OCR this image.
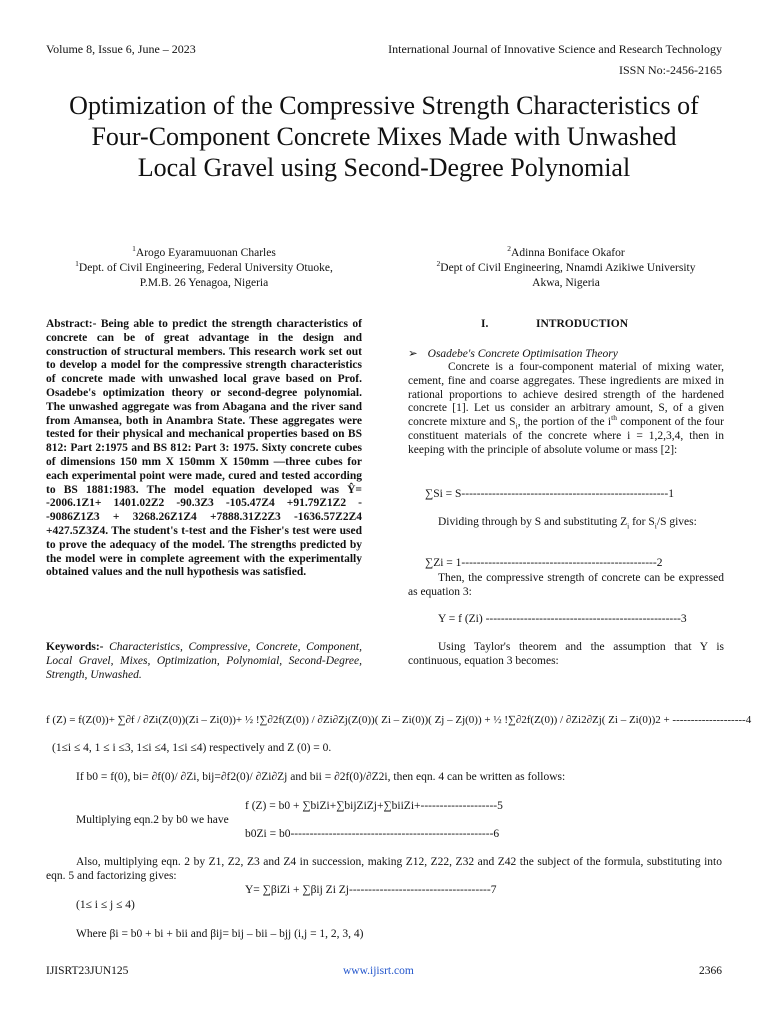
Volume 8, Issue 6, June – 2023	International Journal of Innovative Science and Research Technology
ISSN No:-2456-2165
Optimization of the Compressive Strength Characteristics of Four-Component Concrete Mixes Made with Unwashed Local Gravel using Second-Degree Polynomial
$^1$Arogo Eyaramuuonan Charles
$^1$Dept. of Civil Engineering, Federal University Otuoke,
P.M.B. 26 Yenagoa, Nigeria
$^2$Adinna Boniface Okafor
$^2$Dept of Civil Engineering, Nnamdi Azikiwe University
Akwa, Nigeria
Abstract:- Being able to predict the strength characteristics of concrete can be of great advantage in the design and construction of structural members. This research work set out to develop a model for the compressive strength characteristics of concrete made with unwashed local grave based on Prof. Osadebe's optimization theory or second-degree polynomial. The unwashed aggregate was from Abagana and the river sand from Amansea, both in Anambra State. These aggregates were tested for their physical and mechanical properties based on BS 812: Part 2:1975 and BS 812: Part 3: 1975. Sixty concrete cubes of dimensions 150 mm X 150mm X 150mm —three cubes for each experimental point were made, cured and tested according to BS 1881:1983. The model equation developed was Ŷ= -2006.1Z1+ 1401.02Z2 -90.3Z3 -105.47Z4 +91.79Z1Z2 --9086Z1Z3 + 3268.26Z1Z4 +7888.31Z2Z3 -1636.57Z2Z4 +427.5Z3Z4. The student's t-test and the Fisher's test were used to prove the adequacy of the model. The strengths predicted by the model were in complete agreement with the experimentally obtained values and the null hypothesis was satisfied.
Keywords:- Characteristics, Compressive, Concrete, Component, Local Gravel, Mixes, Optimization, Polynomial, Second-Degree, Strength, Unwashed.
I.	INTRODUCTION
➢ Osadebe's Concrete Optimisation Theory
Concrete is a four-component material of mixing water, cement, fine and coarse aggregates. These ingredients are mixed in rational proportions to achieve desired strength of the hardened concrete [1]. Let us consider an arbitrary amount, S, of a given concrete mixture and $S_i$, the portion of the $i^{th}$ component of the four constituent materials of the concrete where i = 1,2,3,4, then in keeping with the principle of absolute volume or mass [2]:
∑Si = S------------------------------------------------------1
Dividing through by S and substituting $Z_i$ for $S_i/S$ gives:
∑Zi = 1---------------------------------------------------2
Then, the compressive strength of concrete can be expressed as equation 3:
Y = f (Zi) ---------------------------------------------------3
Using Taylor's theorem and the assumption that Y is continuous, equation 3 becomes:
f (Z) = f(Z(0))+ ∑∂f / ∂Zi(Z(0))(Zi – Zi(0))+ ½ !∑∂2f(Z(0)) / ∂Zi∂Zj(Z(0))( Zi – Zi(0))( Zj – Zj(0)) + ½ !∑∂2f(Z(0)) / ∂Zi2∂Zj( Zi – Zi(0))2 + --------------------4
(1≤i ≤ 4, 1 ≤ i ≤3, 1≤i ≤4, 1≤i ≤4) respectively and Z (0) = 0.
If b0 = f(0), bi= ∂f(0)/ ∂Zi, bij=∂f2(0)/ ∂Zi∂Zj and bii = ∂2f(0)/∂Z2i, then eqn. 4 can be written as follows:
f (Z) = b0 + ∑biZi+∑bijZiZj+∑biiZi+--------------------5
Multiplying eqn.2 by b0 we have
b0Zi = b0-----------------------------------------------------6
Also, multiplying eqn. 2 by Z1, Z2, Z3 and Z4 in succession, making Z12, Z22, Z32 and Z42 the subject of the formula, substituting into eqn. 5 and factorizing gives:
Y= ∑βiZi + ∑βij Zi Zj-------------------------------------7
(1≤ i ≤ j ≤ 4)
Where βi = b0 + bi + bii and βij= bij – bii – bjj (i,j = 1, 2, 3, 4)
IJISRT23JUN125	www.ijisrt.com	2366
